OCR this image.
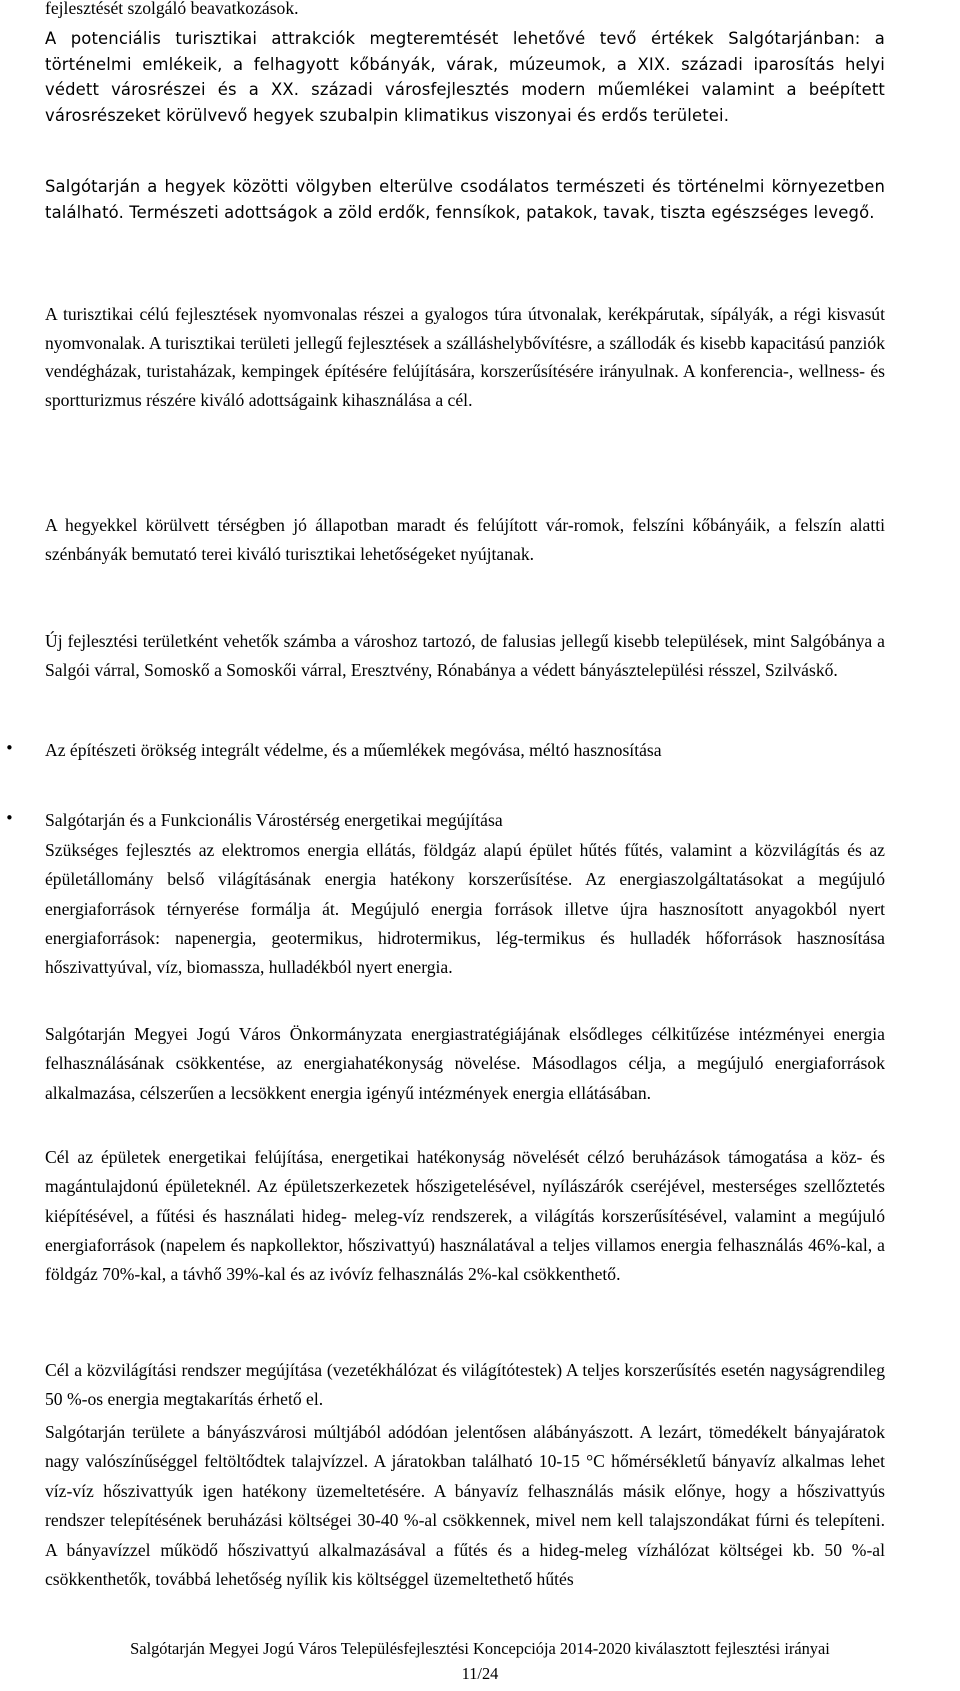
fejlesztését szolgáló beavatkozások.

A potenciális turisztikai attrakciók megteremtését lehetővé tevő értékek Salgótarjánban: a történelmi emlékeik, a felhagyott kőbányák, várak, múzeumok, a XIX. századi iparosítás helyi védett városrészei és a XX. századi városfejlesztés modern műemlékei valamint a beépített városrészeket körülvevő hegyek szubalpin klimatikus viszonyai és erdős területei.

Salgótarján a hegyek közötti völgyben elterülve csodálatos természeti és történelmi környezetben található. Természeti adottságok a zöld erdők, fennsíkok, patakok, tavak, tiszta egészséges levegő.

Új fejlesztési területként vehetők számba a városhoz tartozó, de falusias jellegű kisebb települések, mint Salgóbánya a Salgói várral, Somoskő a Somoskői várral, Eresztvény, Rónabánya a védett bányásztelepülési résszel, Szilváskő.

A turisztikai célú fejlesztések nyomvonalas részei a gyalogos túra útvonalak, kerékpárutak, sípályák, a régi kisvasút nyomvonalak. A turisztikai területi jellegű fejlesztések a szálláshelybővítésre, a szállodák és kisebb kapacitású panziók vendégházak, turistaházak, kempingek építésére felújítására, korszerűsítésére irányulnak. A konferencia-, wellness- és sportturizmus részére kiváló adottságaink kihasználása a cél.

A hegyekkel körülvett térségben jó állapotban maradt és felújított vár-romok, felszíni kőbányáik, a felszín alatti szénbányák bemutató terei kiváló turisztikai lehetőségeket nyújtanak.

• Az építészeti örökség integrált védelme, és a műemlékek megóvása, méltó hasznosítása

• Salgótarján és a Funkcionális Várostérség energetikai megújítása

Szükséges fejlesztés az elektromos energia ellátás, földgáz alapú épület hűtés fűtés, valamint a közvilágítás és az épületállomány belső világításának energia hatékony korszerűsítése. Az energiaszolgáltatásokat a megújuló energiaforrások térnyerése formálja át. Megújuló energia források illetve újra hasznosított anyagokból nyert energiaforrások: napenergia, geotermikus, hidrotermikus, lég-termikus és hulladék hőforrások hasznosítása hőszivattyúval, víz, biomassza, hulladékból nyert energia.

Salgótarján Megyei Jogú Város Önkormányzata energiastratégiájának elsődleges célkitűzése intézményei energia felhasználásának csökkentése, az energiahatékonyság növelése. Másodlagos célja, a megújuló energiaforrások alkalmazása, célszerűen a lecsökkent energia igényű intézmények energia ellátásában.

Cél az épületek energetikai felújítása, energetikai hatékonyság növelését célzó beruházások támogatása a köz- és magántulajdonú épületeknél. Az épületszerkezetek hőszigetelésével, nyílászárók cseréjével, mesterséges szellőztetés kiépítésével, a fűtési és használati hideg- meleg-víz rendszerek, a világítás korszerűsítésével, valamint a megújuló energiaforrások (napelem és napkollektor, hőszivattyú) használatával a teljes villamos energia felhasználás 46%-kal, a földgáz 70%-kal, a távhő 39%-kal és az ivóvíz felhasználás 2%-kal csökkenthető.

Cél a közvilágítási rendszer megújítása (vezetékhálózat és világítótestek) A teljes korszerűsítés esetén nagyságrendileg 50 %-os energia megtakarítás érhető el.

Salgótarján területe a bányászvárosi múltjából adódóan jelentősen alábányászott. A lezárt, tömedékelt bányajáratok nagy valószínűséggel feltöltődtek talajvízzel. A járatokban található 10-15 °C hőmérsékletű bányavíz alkalmas lehet víz-víz hőszivattyúk igen hatékony üzemeltetésére. A bányavíz felhasználás másik előnye, hogy a hőszivattyús rendszer telepítésének beruházási költségei 30-40 %-al csökkennek, mivel nem kell talajszondákat fúrni és telepíteni. A bányavízzel működő hőszivattyú alkalmazásával a fűtés és a hideg-meleg vízhálózat költségei kb. 50 %-al csökkenthetők, továbbá lehetőség nyílik kis költséggel üzemeltethető hűtés

Salgótarján Megyei Jogú Város Településfejlesztési Koncepciója 2014-2020 kiválasztott fejlesztési irányai
11/24
